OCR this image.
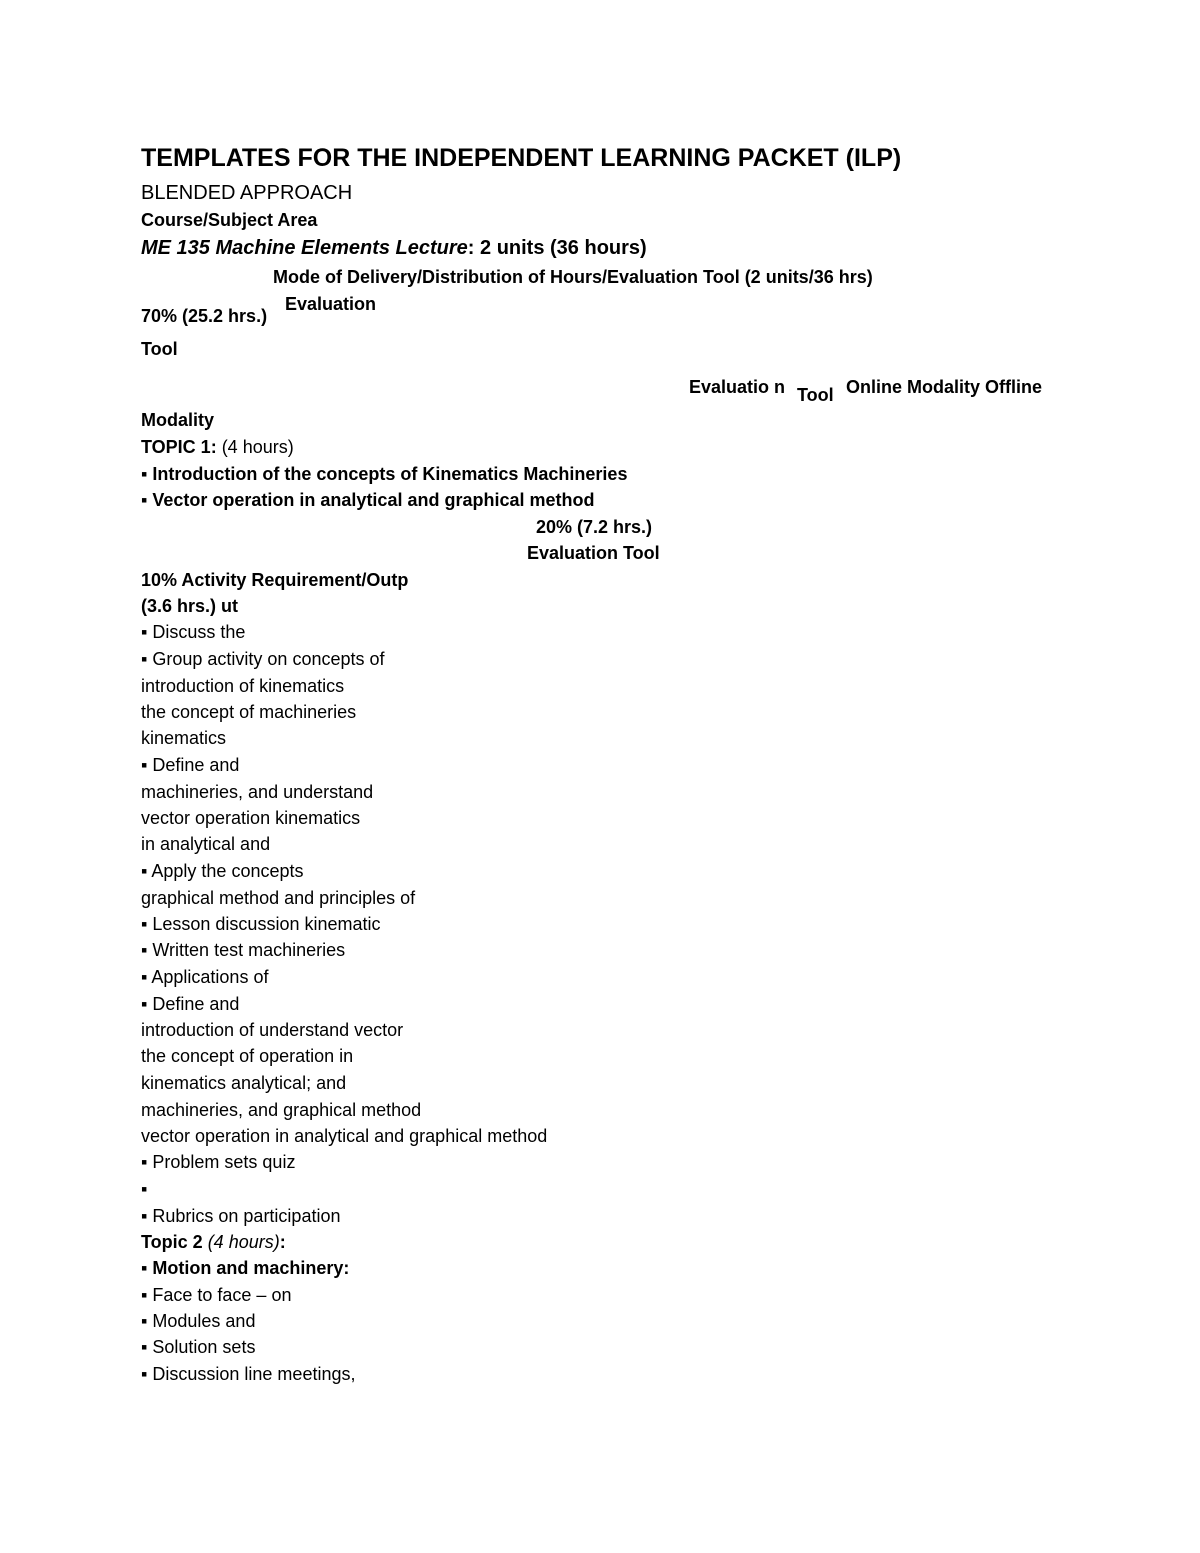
TEMPLATES FOR THE INDEPENDENT LEARNING PACKET (ILP)
BLENDED APPROACH
Course/Subject Area
ME 135 Machine Elements Lecture: 2 units (36 hours)
Mode of Delivery/Distribution of Hours/Evaluation Tool (2 units/36 hrs)
70% (25.2 hrs.)
Evaluation
Tool
Evaluatio n Tool Online Modality Offline
Modality
TOPIC 1: (4 hours)
▪ Introduction of the concepts of Kinematics Machineries
▪ Vector operation in analytical and graphical method
20% (7.2 hrs.)
Evaluation Tool
10% Activity Requirement/Outp
(3.6 hrs.) ut
▪ Discuss the
▪ Group activity on concepts of
introduction of kinematics
the concept of machineries
kinematics
▪ Define and
machineries, and understand
vector operation kinematics
in analytical and
▪ Apply the concepts
graphical method and principles of
▪ Lesson discussion kinematic
▪ Written test machineries
▪ Applications of
▪ Define and
introduction of understand vector
the concept of operation in
kinematics analytical; and
machineries, and graphical method
vector operation in analytical and graphical method
▪ Problem sets quiz
▪
▪ Rubrics on participation
Topic 2 (4 hours):
▪ Motion and machinery:
▪ Face to face – on
▪ Modules and
▪ Solution sets
▪ Discussion line meetings,
